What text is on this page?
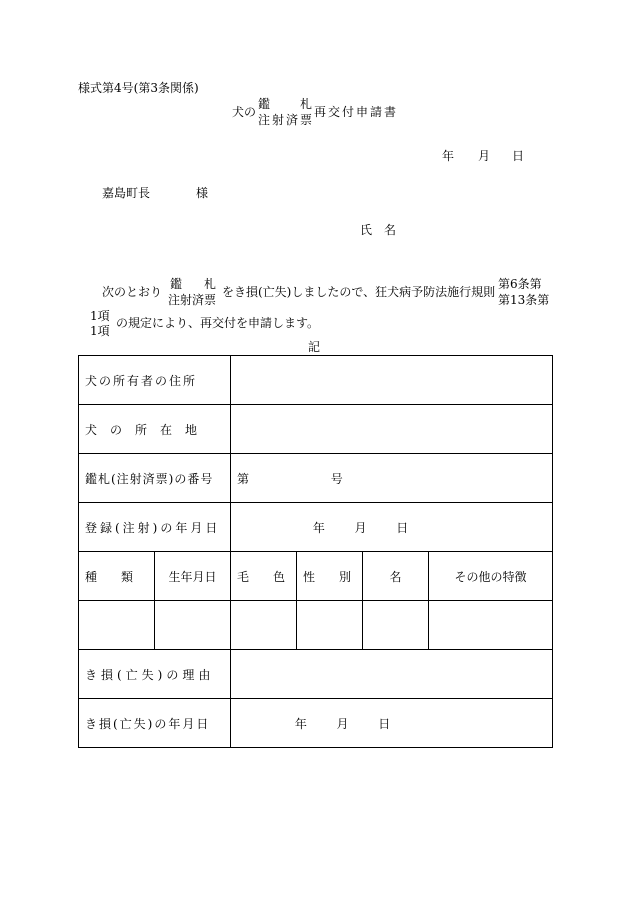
様式第4号(第3条関係)
犬の
鑑 札
注射済票
再交付申請書
年 月 日
嘉島町長	様
氏　名
次のとおり
鑑 札
注射済票
をき損(亡失)しましたので、狂犬病予防法施行規則
第6条第
第13条第
1項
1項
の規定により、再交付を申請します。
記
犬の所有者の住所					
犬の所在地					
鑑札(注射済票)の番号		第 号			
登録(注射)の年月日		年 月 日			
種　　類	生年月日	毛　　色	性　　別	名	その他の特徴

き損(亡失)の理由					
き損(亡失)の年月日		年 月 日			
